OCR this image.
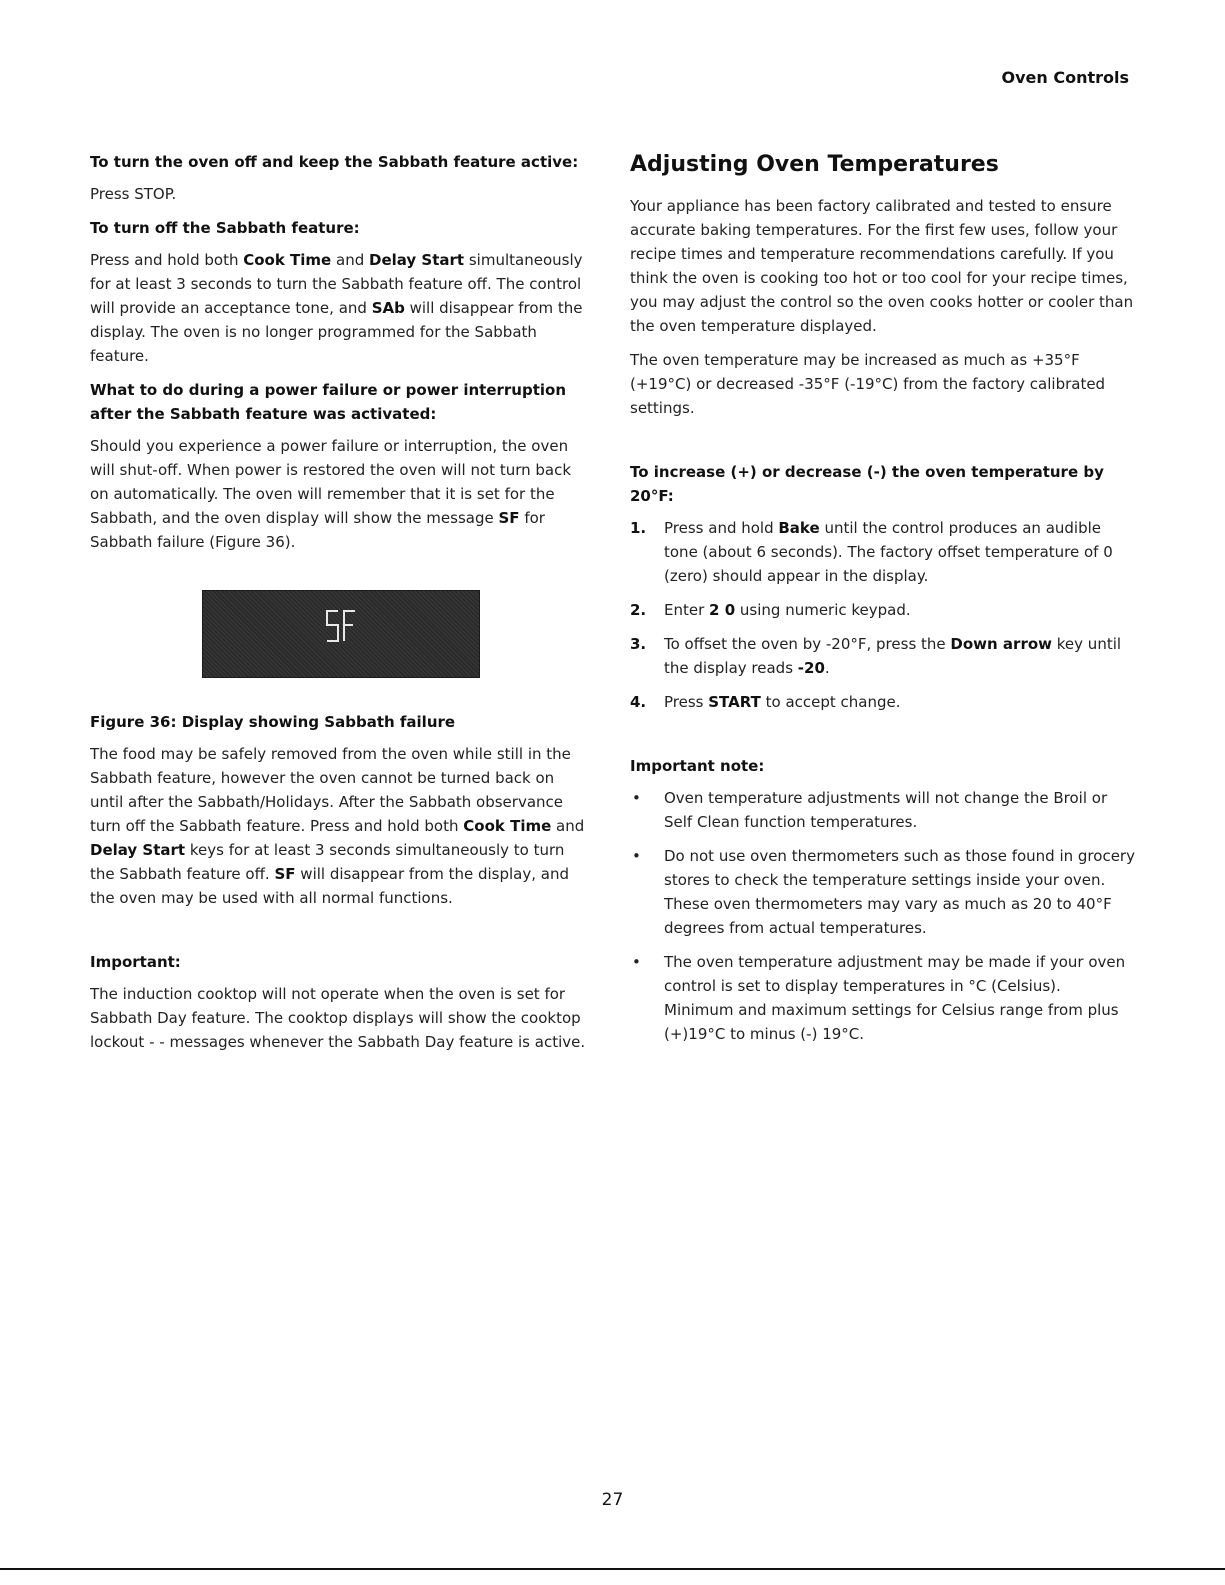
Oven Controls
To turn the oven off and keep the Sabbath feature active:

Press STOP.

To turn off the Sabbath feature:

Press and hold both Cook Time and Delay Start simultaneously for at least 3 seconds to turn the Sabbath feature off. The control will provide an acceptance tone, and SAb will disappear from the display. The oven is no longer programmed for the Sabbath feature.

What to do during a power failure or power interruption after the Sabbath feature was activated:

Should you experience a power failure or interruption, the oven will shut-off. When power is restored the oven will not turn back on automatically. The oven will remember that it is set for the Sabbath, and the oven display will show the message SF for Sabbath failure (Figure 36).

Figure 36: Display showing Sabbath failure

The food may be safely removed from the oven while still in the Sabbath feature, however the oven cannot be turned back on until after the Sabbath/Holidays. After the Sabbath observance turn off the Sabbath feature. Press and hold both Cook Time and Delay Start keys for at least 3 seconds simultaneously to turn the Sabbath feature off. SF will disappear from the display, and the oven may be used with all normal functions.

Important:

The induction cooktop will not operate when the oven is set for Sabbath Day feature. The cooktop displays will show the cooktop lockout - - messages whenever the Sabbath Day feature is active.

Adjusting Oven Temperatures

Your appliance has been factory calibrated and tested to ensure accurate baking temperatures. For the first few uses, follow your recipe times and temperature recommendations carefully. If you think the oven is cooking too hot or too cool for your recipe times, you may adjust the control so the oven cooks hotter or cooler than the oven temperature displayed.

The oven temperature may be increased as much as +35°F (+19°C) or decreased -35°F (-19°C) from the factory calibrated settings.

To increase (+) or decrease (-) the oven temperature by 20°F:
1. Press and hold Bake until the control produces an audible tone (about 6 seconds). The factory offset temperature of 0 (zero) should appear in the display.
2. Enter 2 0 using numeric keypad.
3. To offset the oven by -20°F, press the Down arrow key until the display reads -20.
4. Press START to accept change.
Important note:
• Oven temperature adjustments will not change the Broil or Self Clean function temperatures.
• Do not use oven thermometers such as those found in grocery stores to check the temperature settings inside your oven. These oven thermometers may vary as much as 20 to 40°F degrees from actual temperatures.
• The oven temperature adjustment may be made if your oven control is set to display temperatures in °C (Celsius). Minimum and maximum settings for Celsius range from plus (+)19°C to minus (-) 19°C.
27
